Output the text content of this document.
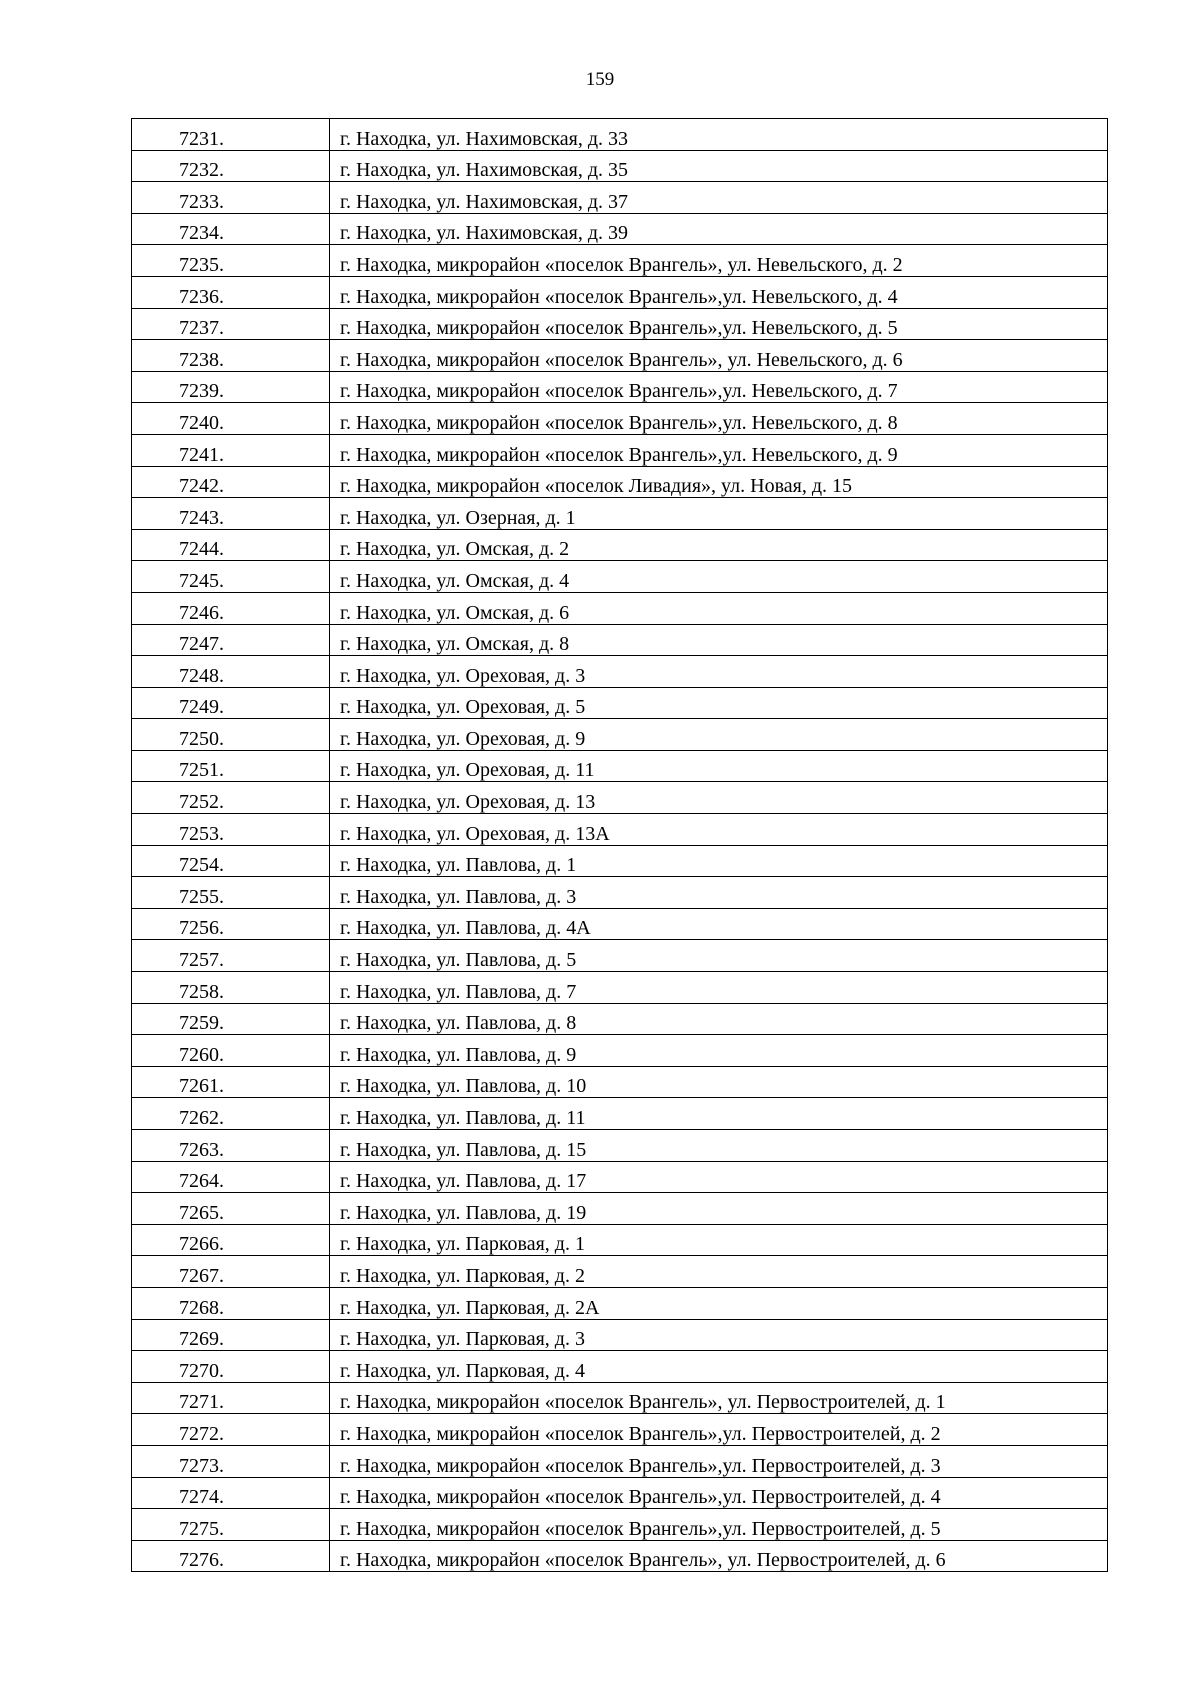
159
7231.	г. Находка, ул. Нахимовская, д. 33
7232.	г. Находка, ул. Нахимовская, д. 35
7233.	г. Находка, ул. Нахимовская, д. 37
7234.	г. Находка, ул. Нахимовская, д. 39
7235.	г. Находка, микрорайон «поселок Врангель», ул. Невельского, д. 2
7236.	г. Находка, микрорайон «поселок Врангель»,ул. Невельского, д. 4
7237.	г. Находка, микрорайон «поселок Врангель»,ул. Невельского, д. 5
7238.	г. Находка, микрорайон «поселок Врангель», ул. Невельского, д. 6
7239.	г. Находка, микрорайон «поселок Врангель»,ул. Невельского, д. 7
7240.	г. Находка, микрорайон «поселок Врангель»,ул. Невельского, д. 8
7241.	г. Находка, микрорайон «поселок Врангель»,ул. Невельского, д. 9
7242.	г. Находка, микрорайон «поселок Ливадия», ул. Новая, д. 15
7243.	г. Находка, ул. Озерная, д. 1
7244.	г. Находка, ул. Омская, д. 2
7245.	г. Находка, ул. Омская, д. 4
7246.	г. Находка, ул. Омская, д. 6
7247.	г. Находка, ул. Омская, д. 8
7248.	г. Находка, ул. Ореховая, д. 3
7249.	г. Находка, ул. Ореховая, д. 5
7250.	г. Находка, ул. Ореховая, д. 9
7251.	г. Находка, ул. Ореховая, д. 11
7252.	г. Находка, ул. Ореховая, д. 13
7253.	г. Находка, ул. Ореховая, д. 13А
7254.	г. Находка, ул. Павлова, д. 1
7255.	г. Находка, ул. Павлова, д. 3
7256.	г. Находка, ул. Павлова, д. 4А
7257.	г. Находка, ул. Павлова, д. 5
7258.	г. Находка, ул. Павлова, д. 7
7259.	г. Находка, ул. Павлова, д. 8
7260.	г. Находка, ул. Павлова, д. 9
7261.	г. Находка, ул. Павлова, д. 10
7262.	г. Находка, ул. Павлова, д. 11
7263.	г. Находка, ул. Павлова, д. 15
7264.	г. Находка, ул. Павлова, д. 17
7265.	г. Находка, ул. Павлова, д. 19
7266.	г. Находка, ул. Парковая, д. 1
7267.	г. Находка, ул. Парковая, д. 2
7268.	г. Находка, ул. Парковая, д. 2А
7269.	г. Находка, ул. Парковая, д. 3
7270.	г. Находка, ул. Парковая, д. 4
7271.	г. Находка, микрорайон «поселок Врангель», ул. Первостроителей, д. 1
7272.	г. Находка, микрорайон «поселок Врангель»,ул. Первостроителей, д. 2
7273.	г. Находка, микрорайон «поселок Врангель»,ул. Первостроителей, д. 3
7274.	г. Находка, микрорайон «поселок Врангель»,ул. Первостроителей, д. 4
7275.	г. Находка, микрорайон «поселок Врангель»,ул. Первостроителей, д. 5
7276.	г. Находка, микрорайон «поселок Врангель», ул. Первостроителей, д. 6
